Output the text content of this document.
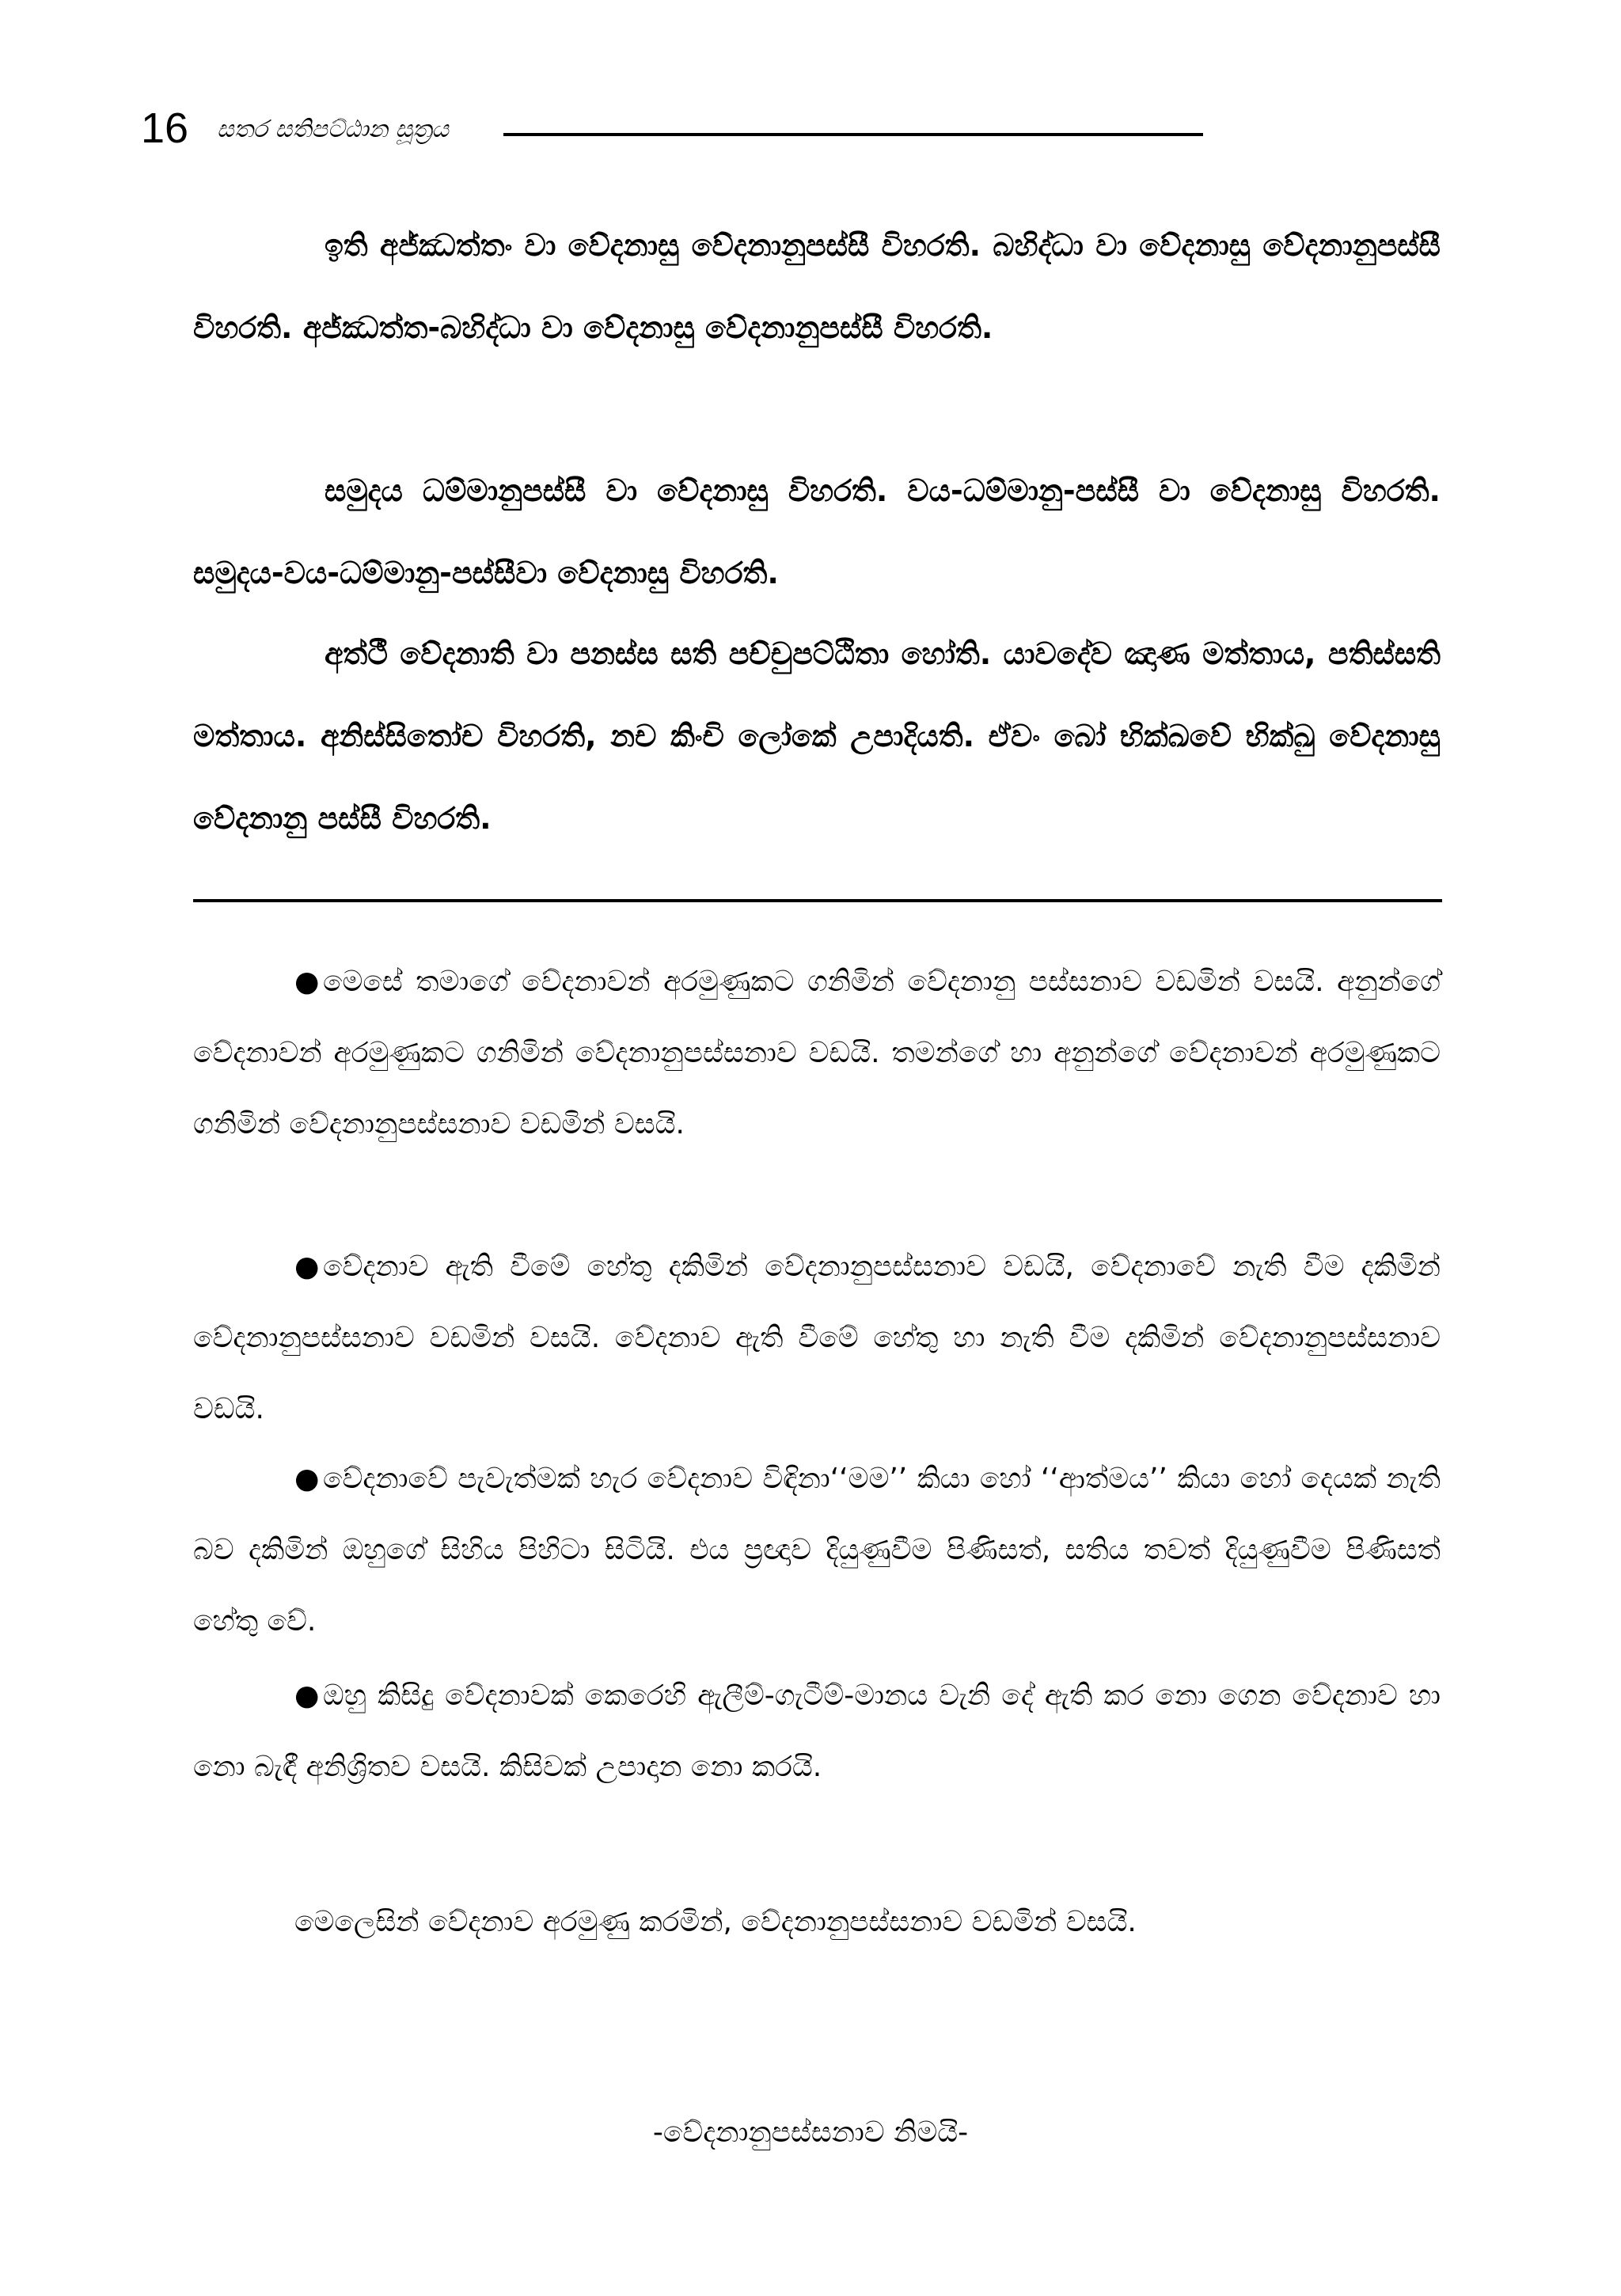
16 සතර සතිපට්ඨාන සූත්‍රය

ඉති අජ්ඣත්තං වා වේදනාසු වේදනානුපස්සී විහරති. බහිද්ධා වා වේදනාසු වේදනානුපස්සී විහරති. අජ්ඣත්ත-බහිද්ධා වා වේදනාසු වේදනානුපස්සී විහරති.

සමුදය ධම්මානුපස්සී වා වේදනාසු විහරති. වය-ධම්මානු-පස්සී වා වේදනාසු විහරති. සමුදය-වය-ධම්මානු-පස්සීවා වේදනාසු විහරති.

අත්ථී වේදනාති වා පනස්ස සති පච්චුපට්ඨිතා හෝති. යාවදේව ඤාණ මත්තාය, පතිස්සති මත්තාය. අනිස්සිතෝච විහරති, නච කිංචි ලෝකේ උපාදියති. ඒවං බෝ භික්ඛවේ භික්ඛු වේදනාසු වේදනානු පස්සී විහරති.

● මෙසේ තමාගේ වේදනාවන් අරමුණුකට ගනිමින් වේදනානු පස්සනාව වඩමින් වසයි. අනුන්ගේ වේදනාවන් අරමුණුකට ගනිමින් වේදනානුපස්සනාව වඩයි. තමන්ගේ හා අනුන්ගේ වේදනාවන් අරමුණුකට ගනිමින් වේදනානුපස්සනාව වඩමින් වසයි.

● වේදනාව ඇති වීමේ හේතු දකිමින් වේදනානුපස්සනාව වඩයි, වේදනාවේ නැති වීම දකිමින් වේදනානුපස්සනාව වඩමින් වසයි. වේදනාව ඇති වීමේ හේතු හා නැති වීම දකිමින් වේදනානුපස්සනාව වඩයි.

● වේදනාවේ පැවැත්මක් හැර වේදනාව විඳිනා‘‘මම’’ කියා හෝ ‘‘ආත්මය’’ කියා හෝ දෙයක් නැති බව දකිමින් ඔහුගේ සිහිය පිහිටා සිටියි. එය ප්‍රඥාව දියුණුවීම පිණිසත්, සතිය තවත් දියුණුවීම පිණිසත් හේතු වේ.

● ඔහු කිසිදු වේදනාවක් කෙරෙහි ඇලීම්-ගැටීම්-මානය වැනි දේ ඇති කර නො ගෙන වේදනාව හා නො බැඳී අනිශ්‍රිතව වසයි. කිසිවක් උපාදාන නො කරයි.

මෙලෙසින් වේදනාව අරමුණු කරමින්, වේදනානුපස්සනාව වඩමින් වසයි.

-වේදනානුපස්සනාව නිමයි-
